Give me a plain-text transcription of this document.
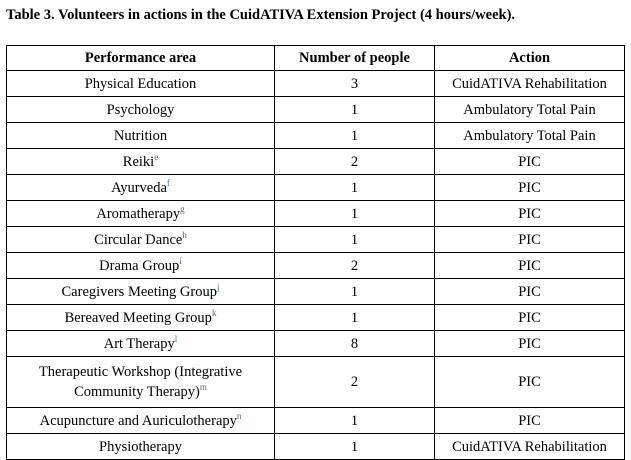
Table 3. Volunteers in actions in the CuidATIVA Extension Project (4 hours/week).
Performance area	Number of people	Action
Physical Education	3	CuidATIVA Rehabilitation
Psychology	1	Ambulatory Total Pain
Nutrition	1	Ambulatory Total Pain
Reiki$^e$	2	PIC
Ayurveda$^f$	1	PIC
Aromatherapy$^g$	1	PIC
Circular Dance$^h$	1	PIC
Drama Group$^i$	2	PIC
Caregivers Meeting Group$^j$	1	PIC
Bereaved Meeting Group$^k$	1	PIC
Art Therapy$^l$	8	PIC
Therapeutic Workshop (Integrative Community Therapy)$^m$	2	PIC
Acupuncture and Auriculotherapy$^n$	1	PIC
Physiotherapy	1	CuidATIVA Rehabilitation
